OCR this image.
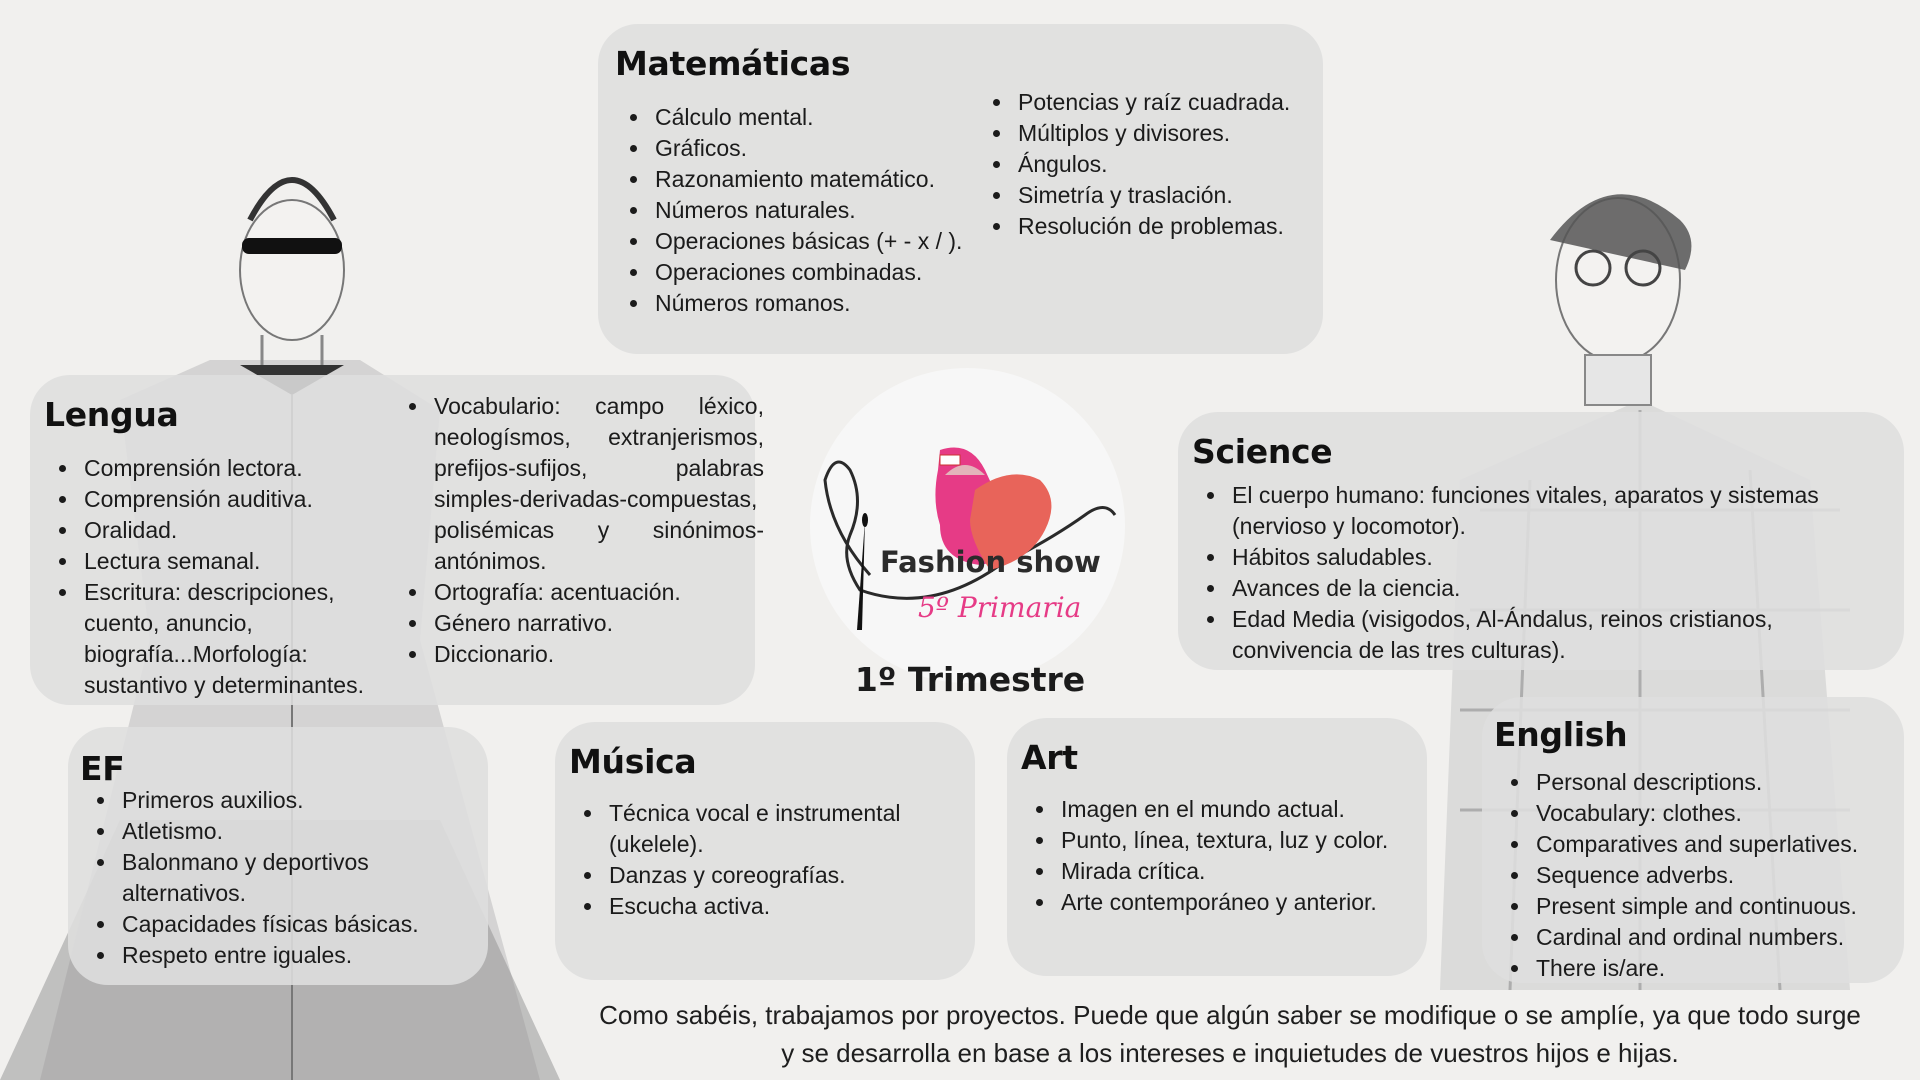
Matemáticas
• Cálculo mental.
• Gráficos.
• Razonamiento matemático.
• Números naturales.
• Operaciones básicas (+ - x / ).
• Operaciones combinadas.
• Números romanos.
• Potencias y raíz cuadrada.
• Múltiplos y divisores.
• Ángulos.
• Simetría y traslación.
• Resolución de problemas.
Lengua
• Comprensión lectora.
• Comprensión auditiva.
• Oralidad.
• Lectura semanal.
• Escritura: descripciones, cuento, anuncio, biografía...Morfología: sustantivo y determinantes.
• Vocabulario: campo léxico, neologísmos, extranjerismos, prefijos-sufijos, palabras simples-derivadas-compuestas, polisémicas y sinónimos-antónimos.
• Ortografía: acentuación.
• Género narrativo.
• Diccionario.
Fashion show
5º Primaria
1º Trimestre
Science
• El cuerpo humano: funciones vitales, aparatos y sistemas (nervioso y locomotor).
• Hábitos saludables.
• Avances de la ciencia.
• Edad Media (visigodos, Al-Ándalus, reinos cristianos, convivencia de las tres culturas).
EF
• Primeros auxilios.
• Atletismo.
• Balonmano y deportivos alternativos.
• Capacidades físicas básicas.
• Respeto entre iguales.
Música
• Técnica vocal e instrumental (ukelele).
• Danzas y coreografías.
• Escucha activa.
Art
• Imagen en el mundo actual.
• Punto, línea, textura, luz y color.
• Mirada crítica.
• Arte contemporáneo y anterior.
English
• Personal descriptions.
• Vocabulary: clothes.
• Comparatives and superlatives.
• Sequence adverbs.
• Present simple and continuous.
• Cardinal and ordinal numbers.
• There is/are.
Como sabéis, trabajamos por proyectos. Puede que algún saber se modifique o se amplíe, ya que todo surge y se desarrolla en base a los intereses e inquietudes de vuestros hijos e hijas.
